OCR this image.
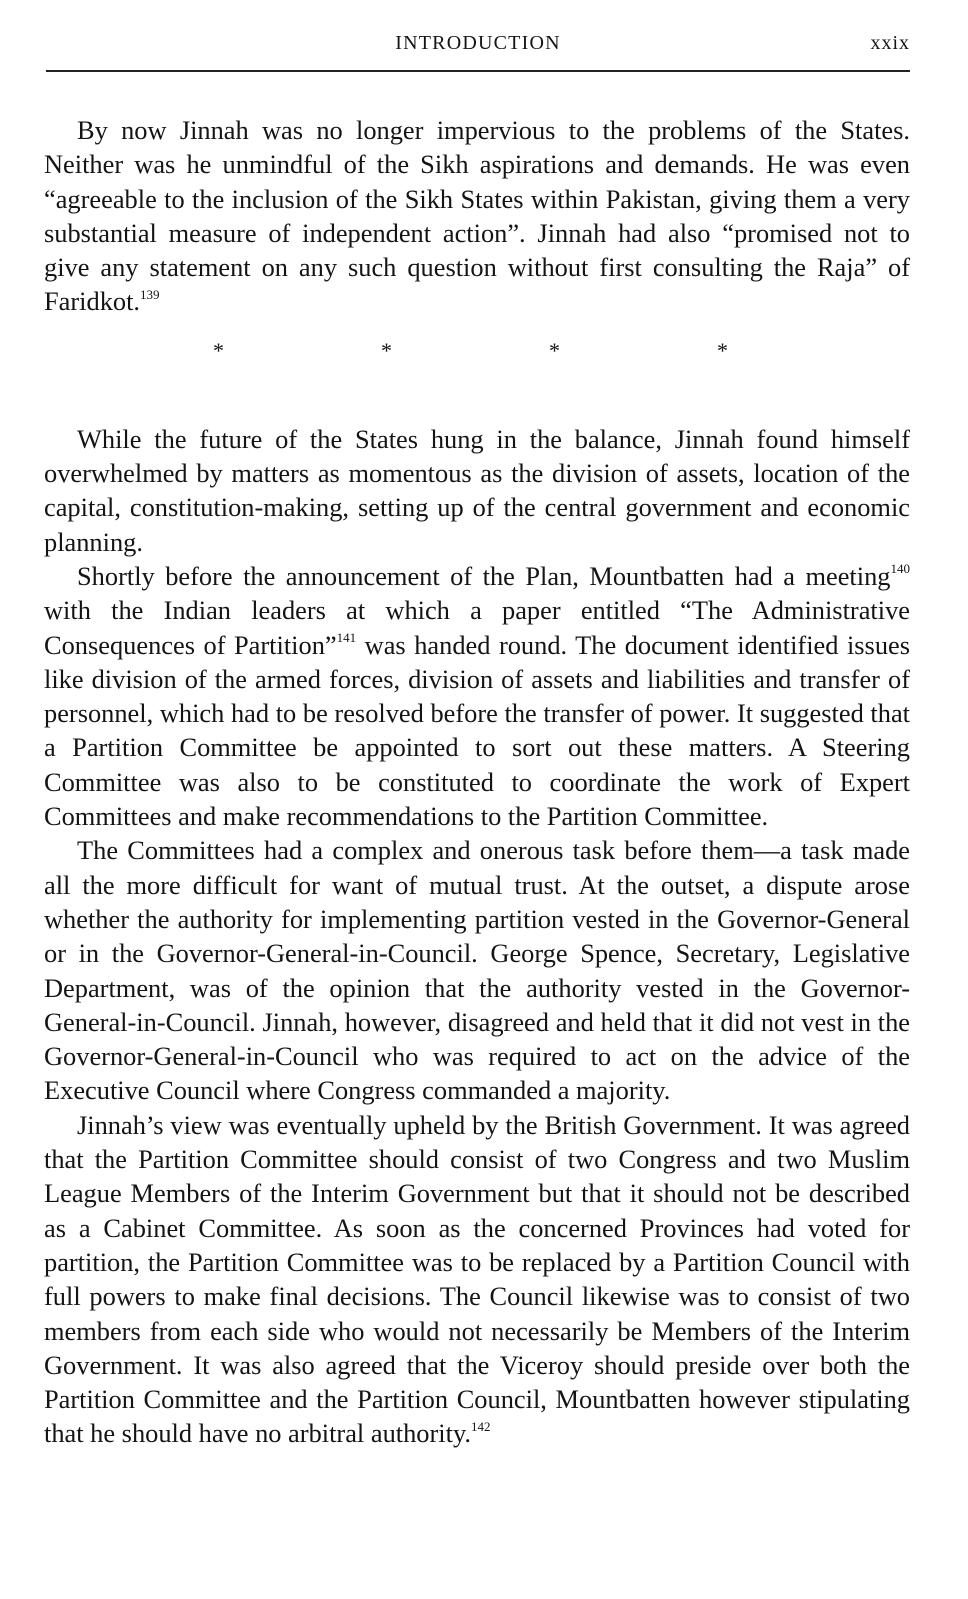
INTRODUCTION	xxix

By now Jinnah was no longer impervious to the problems of the States. Neither was he unmindful of the Sikh aspirations and demands. He was even “agreeable to the inclusion of the Sikh States within Pakistan, giving them a very substantial measure of independent action”. Jinnah had also “promised not to give any statement on any such question without first consulting the Raja” of Faridkot.$^{139}$

*	*	*	*

While the future of the States hung in the balance, Jinnah found himself overwhelmed by matters as momentous as the division of assets, location of the capital, constitution-making, setting up of the central government and economic planning.

Shortly before the announcement of the Plan, Mountbatten had a meeting$^{140}$ with the Indian leaders at which a paper entitled “The Administrative Consequences of Partition”$^{141}$ was handed round. The document identified issues like division of the armed forces, division of assets and liabilities and transfer of personnel, which had to be resolved before the transfer of power. It suggested that a Partition Committee be appointed to sort out these matters. A Steering Committee was also to be constituted to coordinate the work of Expert Committees and make recommendations to the Partition Committee.

The Committees had a complex and onerous task before them—a task made all the more difficult for want of mutual trust. At the outset, a dispute arose whether the authority for implementing partition vested in the Governor-General or in the Governor-General-in-Council. George Spence, Secretary, Legislative Department, was of the opinion that the authority vested in the Governor-General-in-Council. Jinnah, however, disagreed and held that it did not vest in the Governor-General-in-Council who was required to act on the advice of the Executive Council where Congress commanded a majority.

Jinnah’s view was eventually upheld by the British Government. It was agreed that the Partition Committee should consist of two Congress and two Muslim League Members of the Interim Government but that it should not be described as a Cabinet Committee. As soon as the concerned Provinces had voted for partition, the Partition Committee was to be replaced by a Partition Council with full powers to make final decisions. The Council likewise was to consist of two members from each side who would not necessarily be Members of the Interim Government. It was also agreed that the Viceroy should preside over both the Partition Committee and the Partition Council, Mountbatten however stipulating that he should have no arbitral authority.$^{142}$
